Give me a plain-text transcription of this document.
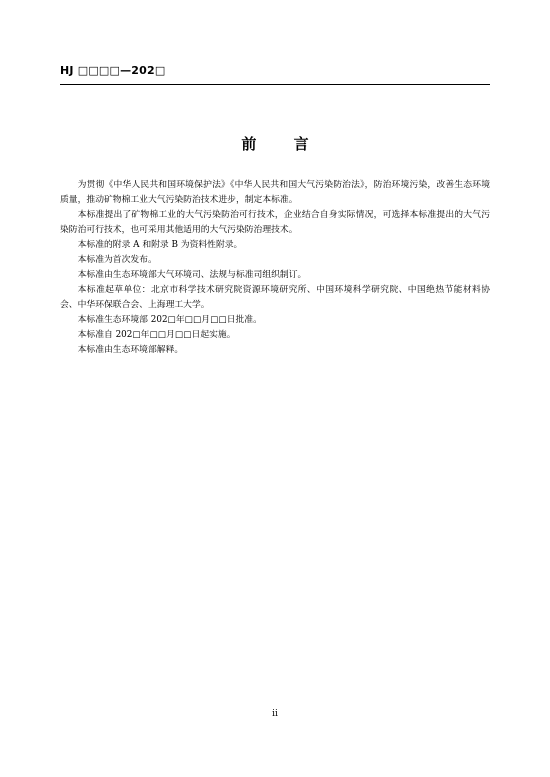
HJ □□□□—202□
前 言

为贯彻《中华人民共和国环境保护法》《中华人民共和国大气污染防治法》，防治环境污染，改善生态环境质量，推动矿物棉工业大气污染防治技术进步，制定本标准。

本标准提出了矿物棉工业的大气污染防治可行技术，企业结合自身实际情况，可选择本标准提出的大气污染防治可行技术，也可采用其他适用的大气污染防治理技术。

本标准的附录 A 和附录 B 为资料性附录。

本标准为首次发布。

本标准由生态环境部大气环境司、法规与标准司组织制订。

本标准起草单位：北京市科学技术研究院资源环境研究所、中国环境科学研究院、中国绝热节能材料协会、中华环保联合会、上海理工大学。

本标准生态环境部 202□年□□月□□日批准。

本标准自 202□年□□月□□日起实施。

本标准由生态环境部解释。

ii
